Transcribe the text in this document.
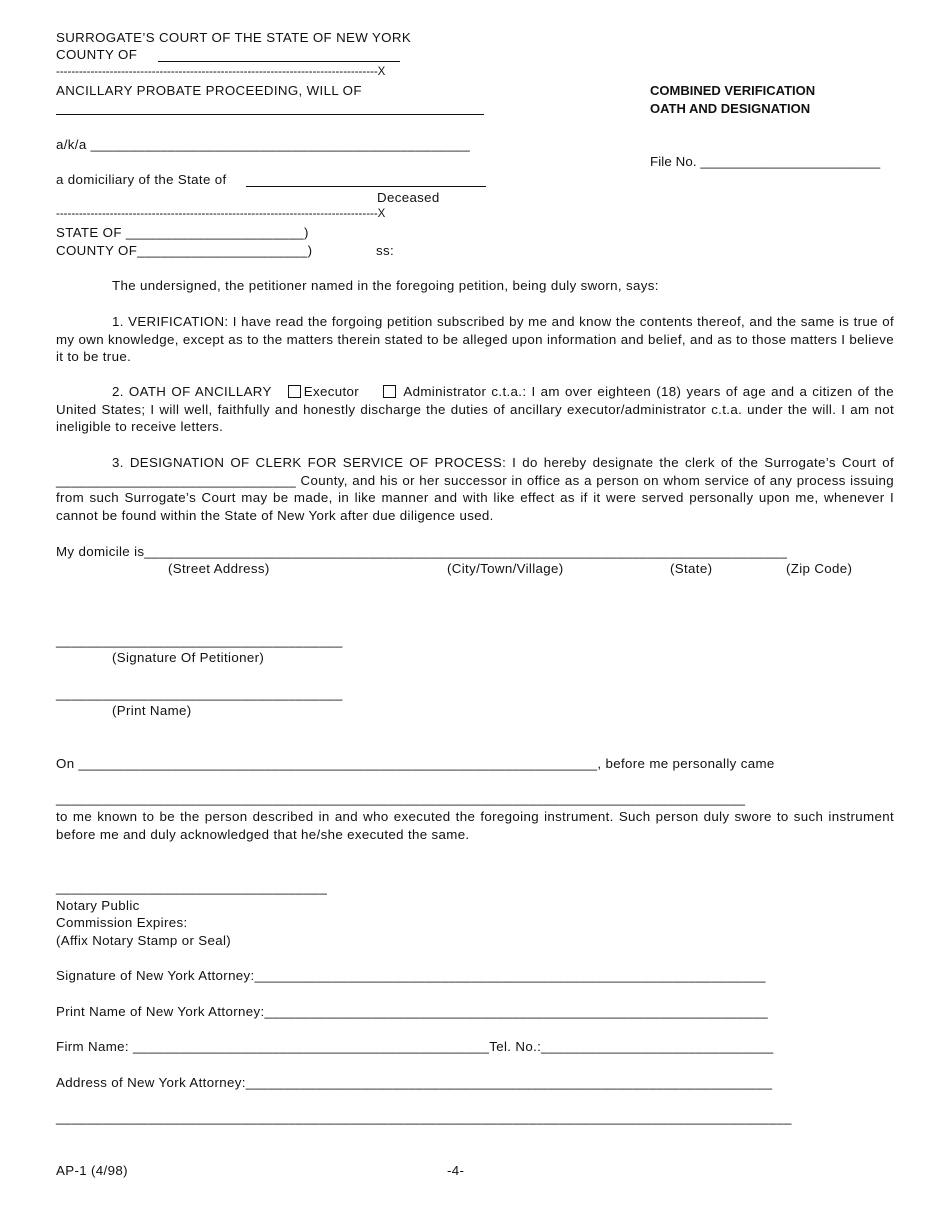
SURROGATE’S COURT OF THE STATE OF NEW YORK
COUNTY OF
------------------------------------------------------------------------------------X
ANCILLARY PROBATE PROCEEDING, WILL OF
a/k/a _________________________________________________
a domiciliary of the State of
Deceased
------------------------------------------------------------------------------------X
STATE OF _______________________)
COUNTY OF______________________)	ss:
COMBINED VERIFICATION
OATH AND DESIGNATION
File No. ________________________
The undersigned, the petitioner named in the foregoing petition, being duly sworn, says:
1. VERIFICATION: I have read the forgoing petition subscribed by me and know the contents thereof, and the same is true of my own knowledge, except as to the matters therein stated to be alleged upon information and belief, and as to those matters I believe it to be true.
2. OATH OF ANCILLARY Executor	Administrator c.t.a.: I am over eighteen (18) years of age and a citizen of the United States; I will well, faithfully and honestly discharge the duties of ancillary executor/administrator c.t.a. under the will. I am not ineligible to receive letters.
3. DESIGNATION OF CLERK FOR SERVICE OF PROCESS: I do hereby designate the clerk of the Surrogate’s Court of _______________________________ County, and his or her successor in office as a person on whom service of any process issuing from such Surrogate’s Court may be made, in like manner and with like effect as if it were served personally upon me, whenever I cannot be found within the State of New York after due diligence used.
My domicile is___________________________________________________________________________________
(Street Address)	(City/Town/Village)	(State)	(Zip Code)
_____________________________________
(Signature Of Petitioner)
_____________________________________
(Print Name)
On ___________________________________________________________________, before me personally came
_________________________________________________________________________________________
to me known to be the person described in and who executed the foregoing instrument. Such person duly swore to such instrument before me and duly acknowledged that he/she executed the same.
___________________________________
Notary Public
Commission Expires:
(Affix Notary Stamp or Seal)
Signature of New York Attorney:__________________________________________________________________
Print Name of New York Attorney:_________________________________________________________________
Firm Name: ______________________________________________Tel. No.:______________________________
Address of New York Attorney:____________________________________________________________________
_______________________________________________________________________________________________
AP-1 (4/98)	-4-
